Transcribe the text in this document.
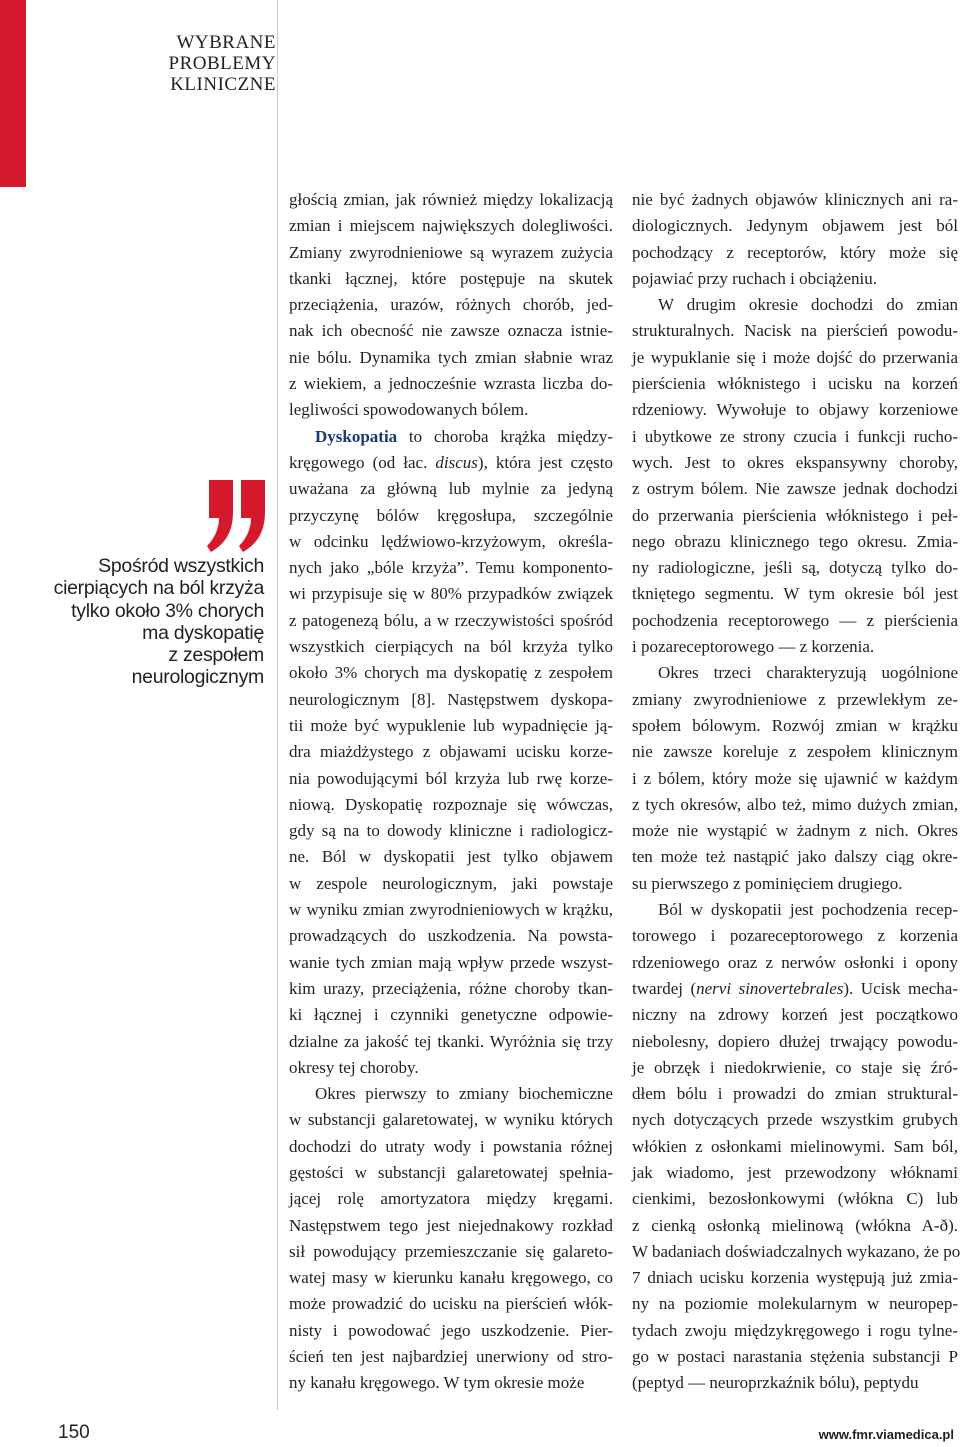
WYBRANE
PROBLEMY
KLINICZNE
Spośród wszystkich
cierpiących na ból krzyża
tylko około 3% chorych
ma dyskopatię
z zespołem
neurologicznym

głością zmian, jak również między lokalizacją
zmian i miejscem największych dolegliwości.
Zmiany zwyrodnieniowe są wyrazem zużycia
tkanki łącznej, które postępuje na skutek
przeciążenia, urazów, różnych chorób, jed-
nak ich obecność nie zawsze oznacza istnie-
nie bólu. Dynamika tych zmian słabnie wraz
z wiekiem, a jednocześnie wzrasta liczba do-
legliwości spowodowanych bólem.

Dyskopatia to choroba krążka między-
kręgowego (od łac. discus), która jest często
uważana za główną lub mylnie za jedyną
przyczynę bólów kręgosłupa, szczególnie
w odcinku lędźwiowo-krzyżowym, określa-
nych jako „bóle krzyża”. Temu komponento-
wi przypisuje się w 80% przypadków związek
z patogenezą bólu, a w rzeczywistości spośród
wszystkich cierpiących na ból krzyża tylko
około 3% chorych ma dyskopatię z zespołem
neurologicznym [8]. Następstwem dyskopa-
tii może być wypuklenie lub wypadnięcie ją-
dra miażdżystego z objawami ucisku korze-
nia powodującymi ból krzyża lub rwę korze-
niową. Dyskopatię rozpoznaje się wówczas,
gdy są na to dowody kliniczne i radiologicz-
ne. Ból w dyskopatii jest tylko objawem
w zespole neurologicznym, jaki powstaje
w wyniku zmian zwyrodnieniowych w krążku,
prowadzących do uszkodzenia. Na powsta-
wanie tych zmian mają wpływ przede wszyst-
kim urazy, przeciążenia, różne choroby tkan-
ki łącznej i czynniki genetyczne odpowie-
dzialne za jakość tej tkanki. Wyróżnia się trzy
okresy tej choroby.

Okres pierwszy to zmiany biochemiczne
w substancji galaretowatej, w wyniku których
dochodzi do utraty wody i powstania różnej
gęstości w substancji galaretowatej spełnia-
jącej rolę amortyzatora między kręgami.
Następstwem tego jest niejednakowy rozkład
sił powodujący przemieszczanie się galareto-
watej masy w kierunku kanału kręgowego, co
może prowadzić do ucisku na pierścień włók-
nisty i powodować jego uszkodzenie. Pier-
ścień ten jest najbardziej unerwiony od stro-
ny kanału kręgowego. W tym okresie może

nie być żadnych objawów klinicznych ani ra-
diologicznych. Jedynym objawem jest ból
pochodzący z receptorów, który może się
pojawiać przy ruchach i obciążeniu.

W drugim okresie dochodzi do zmian
strukturalnych. Nacisk na pierścień powodu-
je wypuklanie się i może dojść do przerwania
pierścienia włóknistego i ucisku na korzeń
rdzeniowy. Wywołuje to objawy korzeniowe
i ubytkowe ze strony czucia i funkcji rucho-
wych. Jest to okres ekspansywny choroby,
z ostrym bólem. Nie zawsze jednak dochodzi
do przerwania pierścienia włóknistego i peł-
nego obrazu klinicznego tego okresu. Zmia-
ny radiologiczne, jeśli są, dotyczą tylko do-
tkniętego segmentu. W tym okresie ból jest
pochodzenia receptorowego — z pierścienia
i pozareceptorowego — z korzenia.

Okres trzeci charakteryzują uogólnione
zmiany zwyrodnieniowe z przewlekłym ze-
społem bólowym. Rozwój zmian w krążku
nie zawsze koreluje z zespołem klinicznym
i z bólem, który może się ujawnić w każdym
z tych okresów, albo też, mimo dużych zmian,
może nie wystąpić w żadnym z nich. Okres
ten może też nastąpić jako dalszy ciąg okre-
su pierwszego z pominięciem drugiego.

Ból w dyskopatii jest pochodzenia recep-
torowego i pozareceptorowego z korzenia
rdzeniowego oraz z nerwów osłonki i opony
twardej (nervi sinovertebrales). Ucisk mecha-
niczny na zdrowy korzeń jest początkowo
niebolesny, dopiero dłużej trwający powodu-
je obrzęk i niedokrwienie, co staje się źró-
dłem bólu i prowadzi do zmian struktural-
nych dotyczących przede wszystkim grubych
włókien z osłonkami mielinowymi. Sam ból,
jak wiadomo, jest przewodzony włóknami
cienkimi, bezosłonkowymi (włókna C) lub
z cienką osłonką mielinową (włókna A-ð).
W badaniach doświadczalnych wykazano, że po
7 dniach ucisku korzenia występują już zmia-
ny na poziomie molekularnym w neuropep-
tydach zwoju międzykręgowego i rogu tylne-
go w postaci narastania stężenia substancji P
(peptyd — neuroprzkaźnik bólu), peptydu

150	www.fmr.viamedica.pl
